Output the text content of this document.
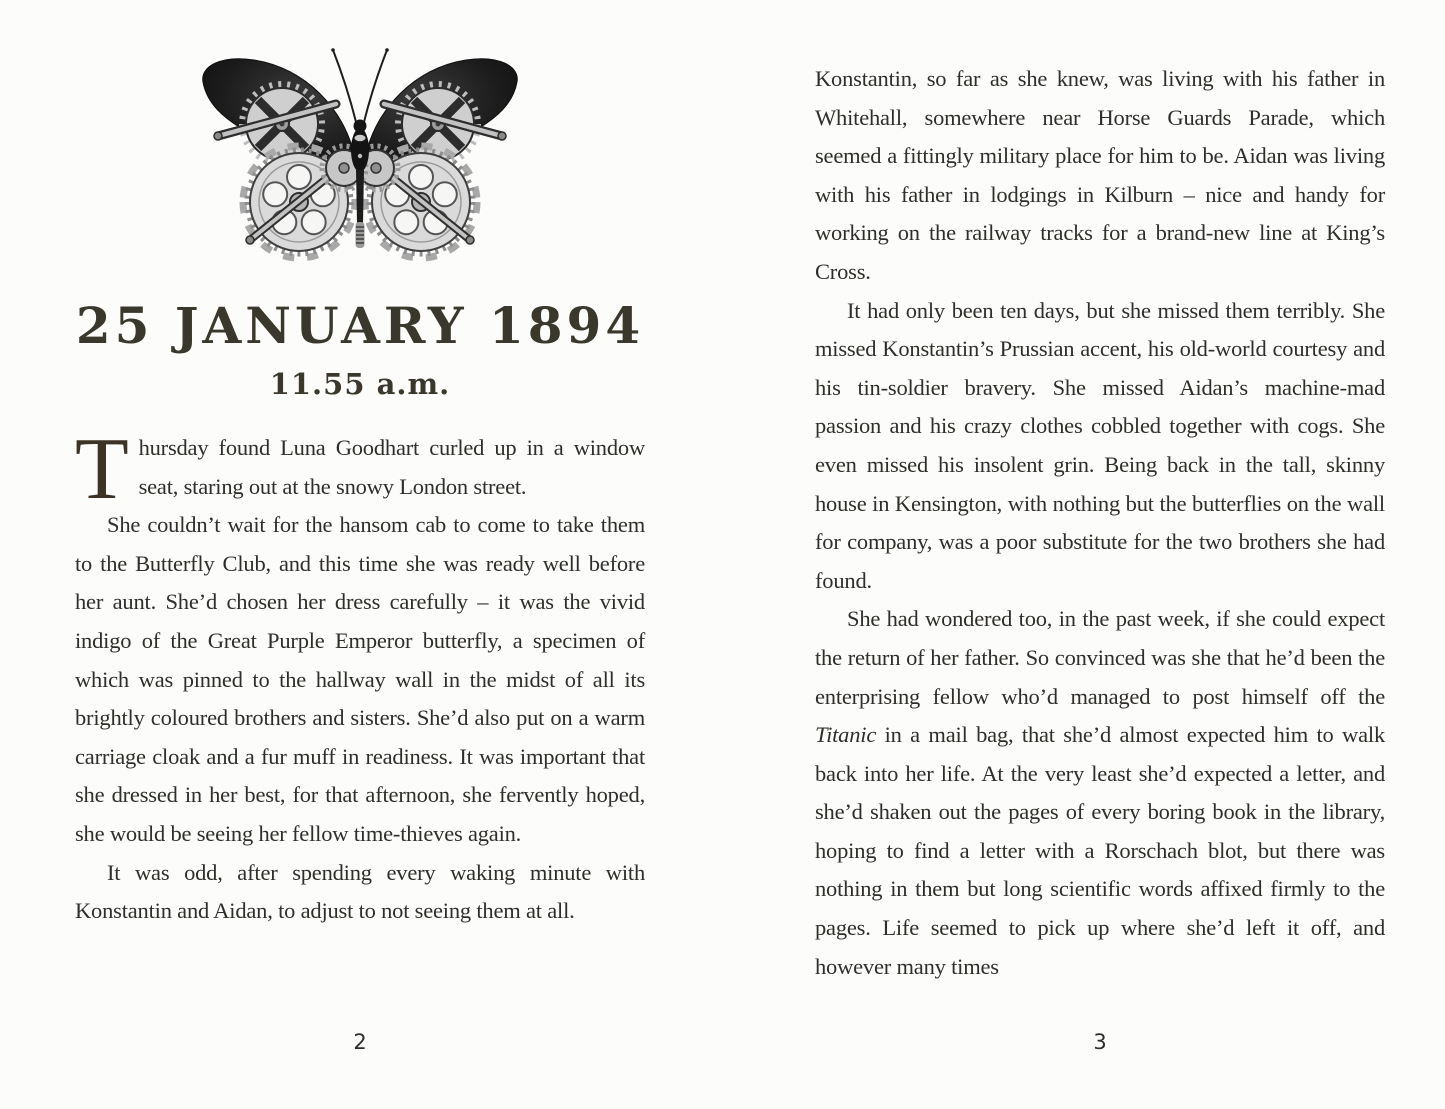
25 JANUARY 1894
11.55 a.m.

Thursday found Luna Goodhart curled up in a window seat, staring out at the snowy London street.

She couldn’t wait for the hansom cab to come to take them to the Butterfly Club, and this time she was ready well before her aunt. She’d chosen her dress carefully – it was the vivid indigo of the Great Purple Emperor butterfly, a specimen of which was pinned to the hallway wall in the midst of all its brightly coloured brothers and sisters. She’d also put on a warm carriage cloak and a fur muff in readiness. It was important that she dressed in her best, for that afternoon, she fervently hoped, she would be seeing her fellow time-thieves again.

It was odd, after spending every waking minute with Konstantin and Aidan, to adjust to not seeing them at all.

Konstantin, so far as she knew, was living with his father in Whitehall, somewhere near Horse Guards Parade, which seemed a fittingly military place for him to be. Aidan was living with his father in lodgings in Kilburn – nice and handy for working on the railway tracks for a brand-new line at King’s Cross.

It had only been ten days, but she missed them terribly. She missed Konstantin’s Prussian accent, his old-world courtesy and his tin-soldier bravery. She missed Aidan’s machine-mad passion and his crazy clothes cobbled together with cogs. She even missed his insolent grin. Being back in the tall, skinny house in Kensington, with nothing but the butterflies on the wall for company, was a poor substitute for the two brothers she had found.

She had wondered too, in the past week, if she could expect the return of her father. So convinced was she that he’d been the enterprising fellow who’d managed to post himself off the Titanic in a mail bag, that she’d almost expected him to walk back into her life. At the very least she’d expected a letter, and she’d shaken out the pages of every boring book in the library, hoping to find a letter with a Rorschach blot, but there was nothing in them but long scientific words affixed firmly to the pages. Life seemed to pick up where she’d left it off, and however many times

2	3
